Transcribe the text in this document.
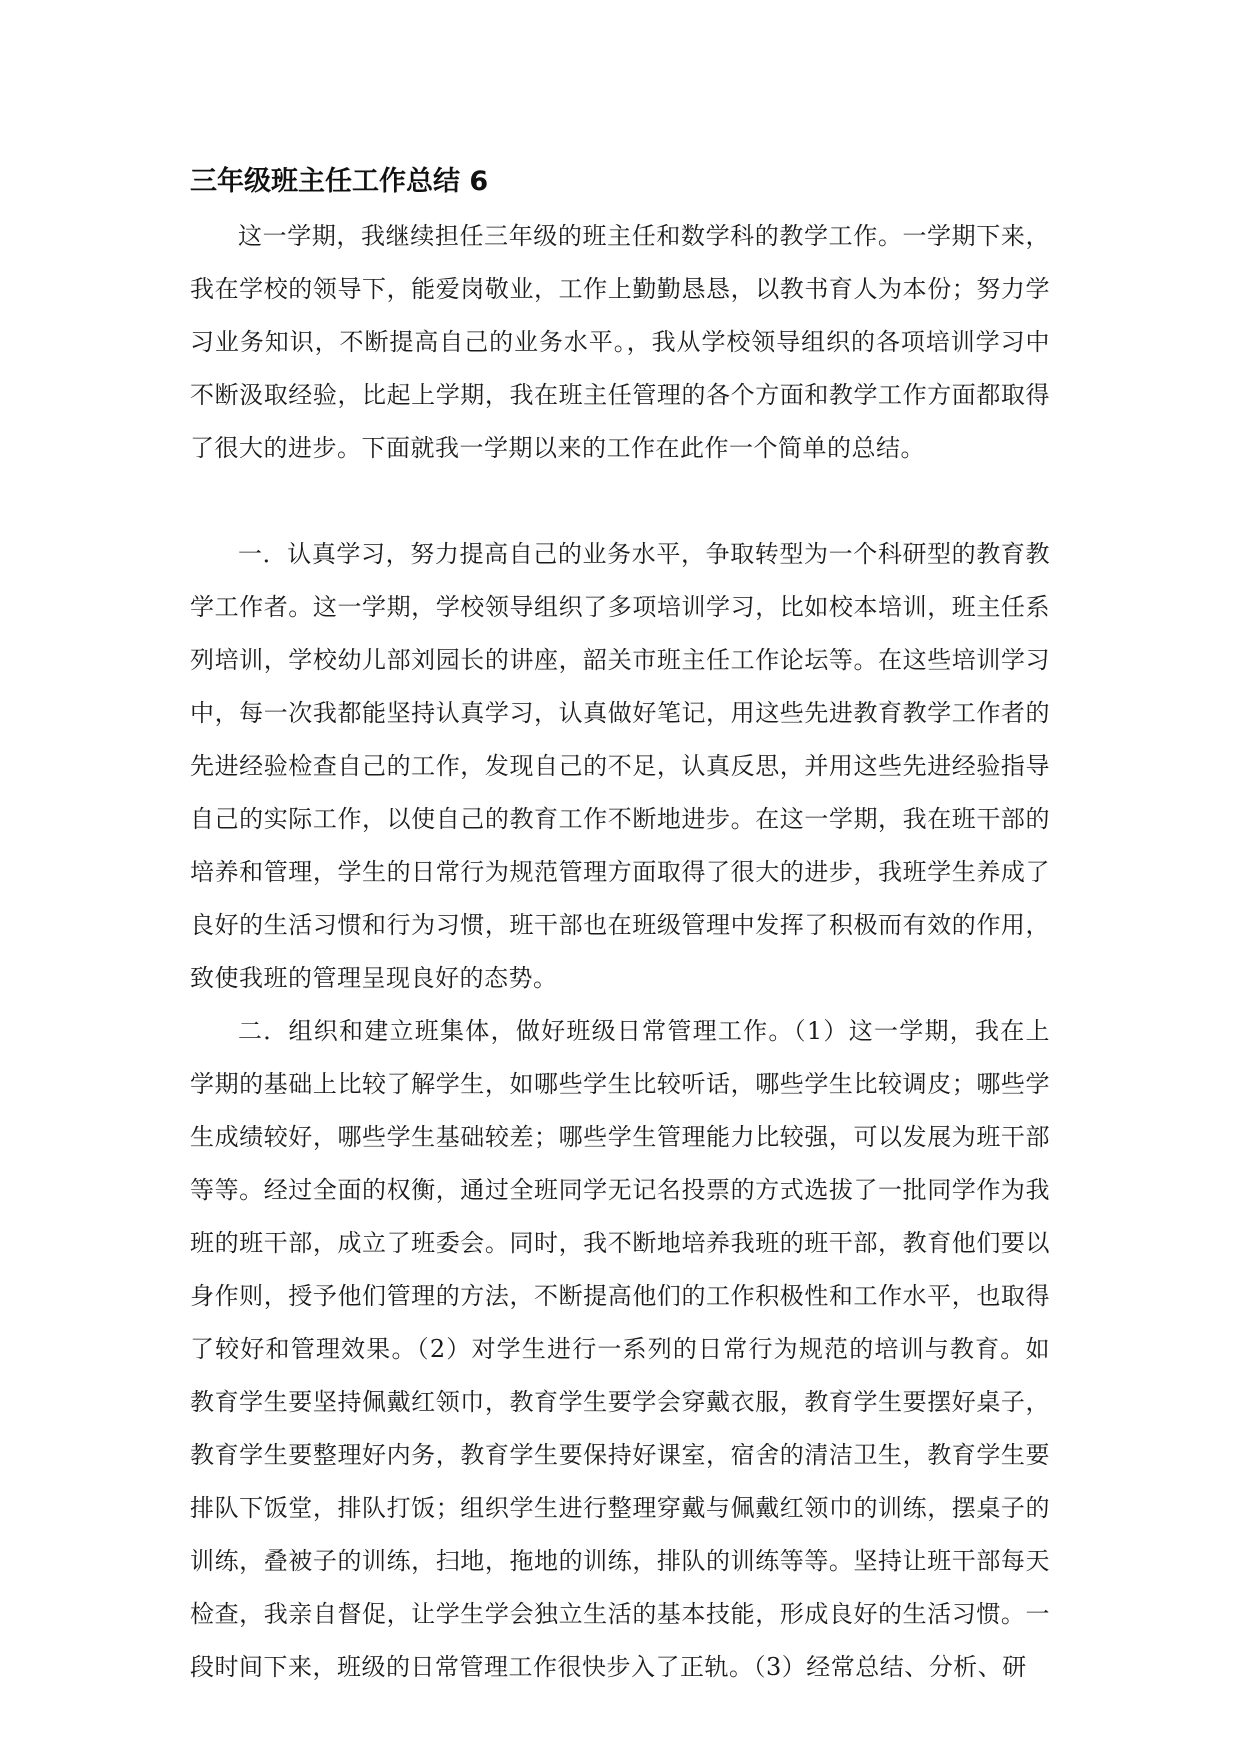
三年级班主任工作总结 6

这一学期，我继续担任三年级的班主任和数学科的教学工作。一学期下来，我在学校的领导下，能爱岗敬业，工作上勤勤恳恳，以教书育人为本份；努力学习业务知识，不断提高自己的业务水平。，我从学校领导组织的各项培训学习中不断汲取经验，比起上学期，我在班主任管理的各个方面和教学工作方面都取得了很大的进步。下面就我一学期以来的工作在此作一个简单的总结。

一．认真学习，努力提高自己的业务水平，争取转型为一个科研型的教育教学工作者。这一学期，学校领导组织了多项培训学习，比如校本培训，班主任系列培训，学校幼儿部刘园长的讲座，韶关市班主任工作论坛等。在这些培训学习中，每一次我都能坚持认真学习，认真做好笔记，用这些先进教育教学工作者的先进经验检查自己的工作，发现自己的不足，认真反思，并用这些先进经验指导自己的实际工作，以使自己的教育工作不断地进步。在这一学期，我在班干部的培养和管理，学生的日常行为规范管理方面取得了很大的进步，我班学生养成了良好的生活习惯和行为习惯，班干部也在班级管理中发挥了积极而有效的作用，致使我班的管理呈现良好的态势。

二．组织和建立班集体，做好班级日常管理工作。（1）这一学期，我在上学期的基础上比较了解学生，如哪些学生比较听话，哪些学生比较调皮；哪些学生成绩较好，哪些学生基础较差；哪些学生管理能力比较强，可以发展为班干部等等。经过全面的权衡，通过全班同学无记名投票的方式选拔了一批同学作为我班的班干部，成立了班委会。同时，我不断地培养我班的班干部，教育他们要以身作则，授予他们管理的方法，不断提高他们的工作积极性和工作水平，也取得了较好和管理效果。（2）对学生进行一系列的日常行为规范的培训与教育。如教育学生要坚持佩戴红领巾，教育学生要学会穿戴衣服，教育学生要摆好桌子，教育学生要整理好内务，教育学生要保持好课室，宿舍的清洁卫生，教育学生要排队下饭堂，排队打饭；组织学生进行整理穿戴与佩戴红领巾的训练，摆桌子的训练，叠被子的训练，扫地，拖地的训练，排队的训练等等。坚持让班干部每天检查，我亲自督促，让学生学会独立生活的基本技能，形成良好的生活习惯。一段时间下来，班级的日常管理工作很快步入了正轨。（3）经常总结、分析、研
